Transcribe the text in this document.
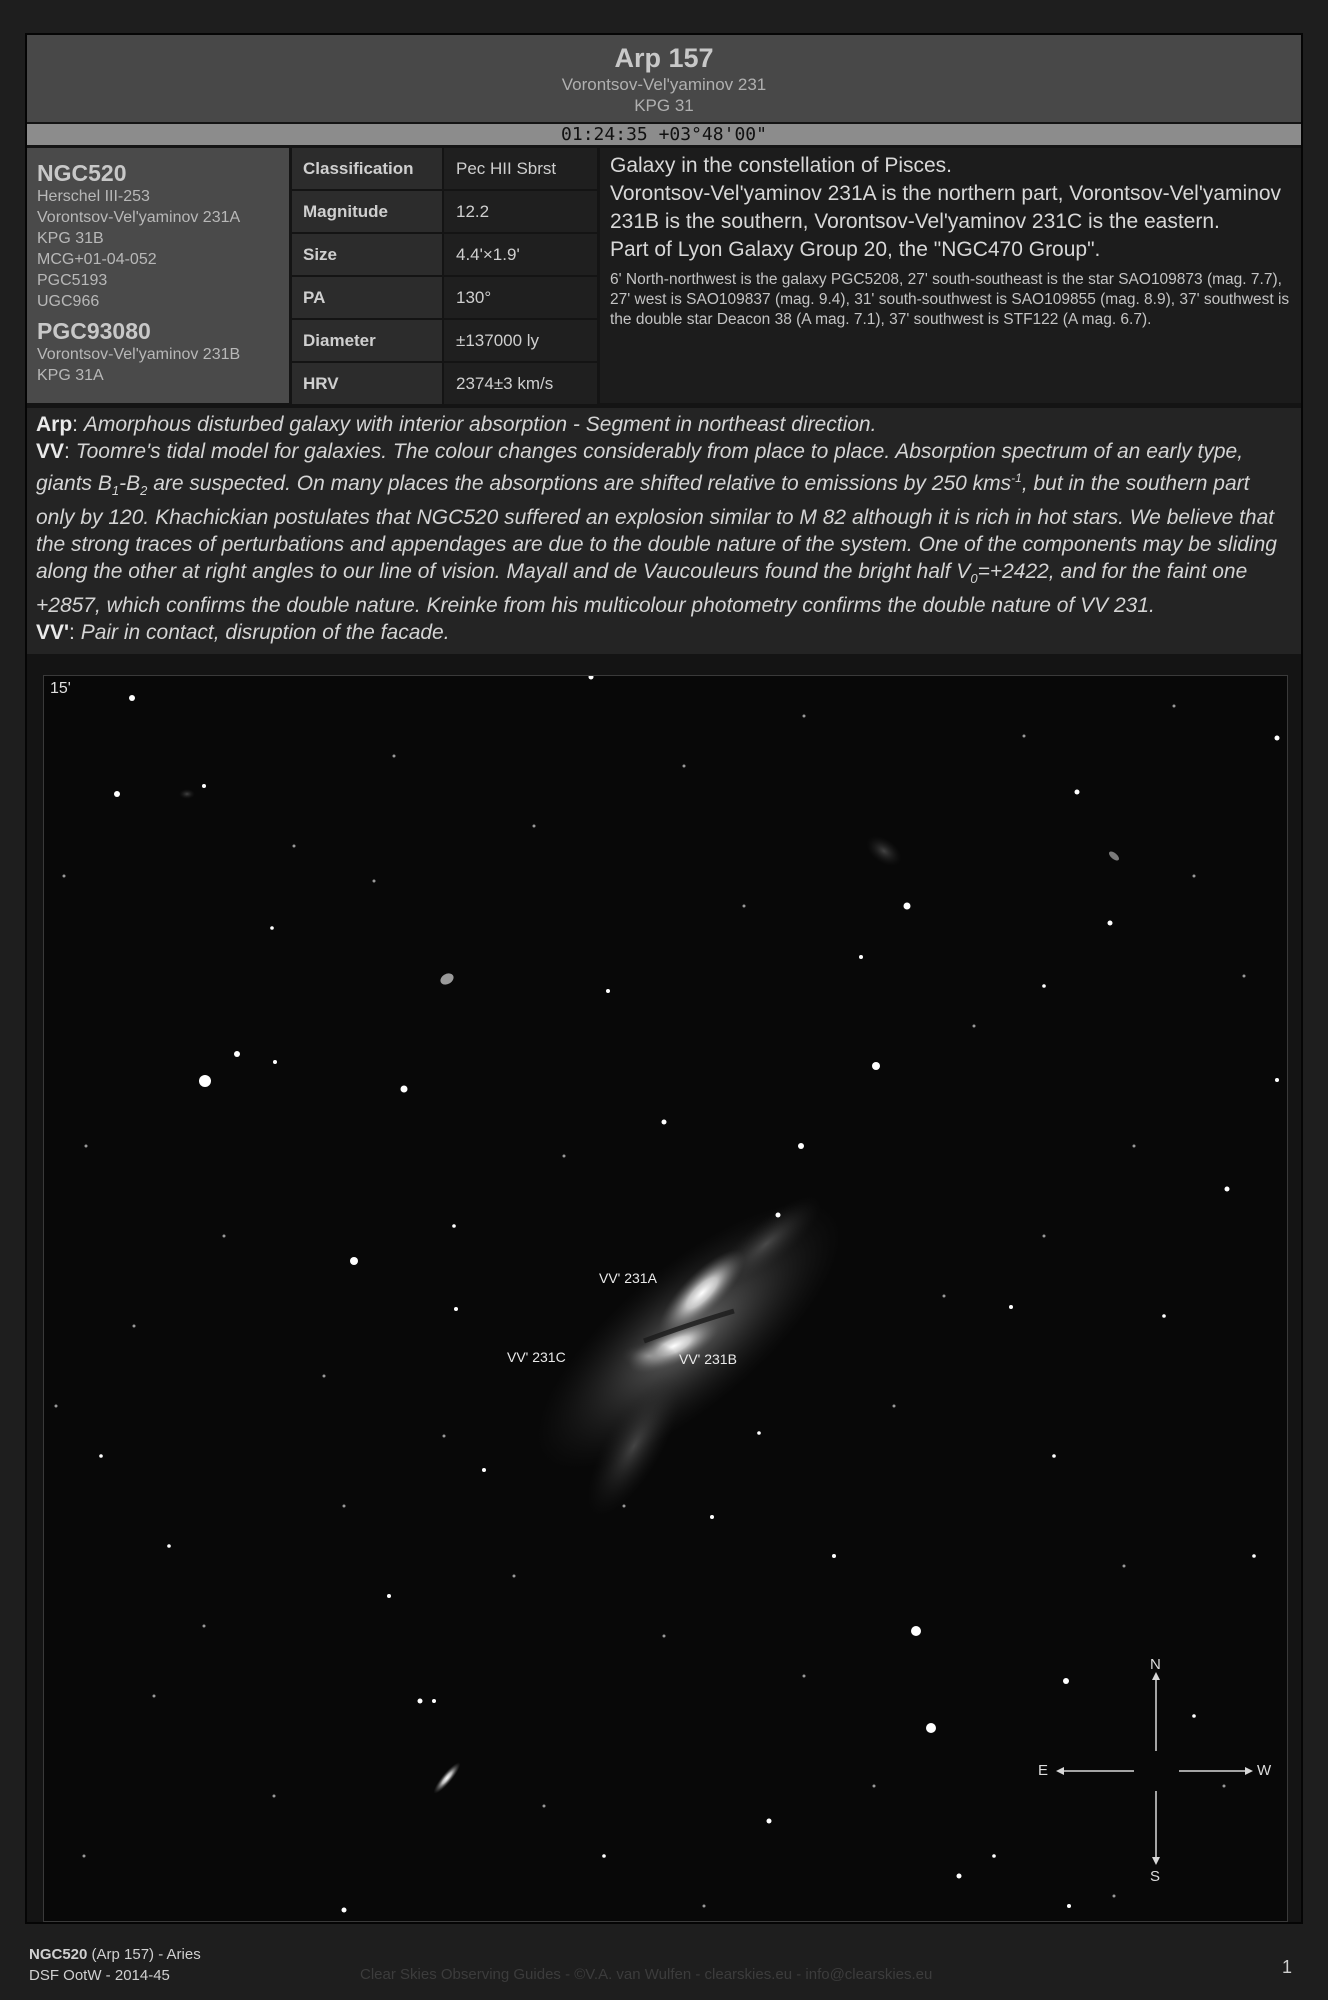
Arp 157
Vorontsov-Vel'yaminov 231
KPG 31
01:24:35 +03°48'00"
NGC520
Herschel III-253
Vorontsov-Vel'yaminov 231A
KPG 31B
MCG+01-04-052
PGC5193
UGC966
PGC93080
Vorontsov-Vel'yaminov 231B
KPG 31A
Classification	Pec HII Sbrst
Magnitude	12.2
Size	4.4'×1.9'
PA	130°
Diameter	±137000 ly
HRV	2374±3 km/s
Galaxy in the constellation of Pisces.
Vorontsov-Vel'yaminov 231A is the northern part, Vorontsov-Vel'yaminov 231B is the southern, Vorontsov-Vel'yaminov 231C is the eastern.
Part of Lyon Galaxy Group 20, the "NGC470 Group".
6' North-northwest is the galaxy PGC5208, 27' south-southeast is the star SAO109873 (mag. 7.7), 27' west is SAO109837 (mag. 9.4), 31' south-southwest is SAO109855 (mag. 8.9), 37' southwest is the double star Deacon 38 (A mag. 7.1), 37' southwest is STF122 (A mag. 6.7).
Arp: Amorphous disturbed galaxy with interior absorption - Segment in northeast direction.
VV: Toomre's tidal model for galaxies. The colour changes considerably from place to place. Absorption spectrum of an early type, giants $B_1-B_2$ are suspected. On many places the absorptions are shifted relative to emissions by 250 kms$^{-1}$, but in the southern part only by 120. Khachickian postulates that NGC520 suffered an explosion similar to M 82 although it is rich in hot stars. We believe that the strong traces of perturbations and appendages are due to the double nature of the system. One of the components may be sliding along the other at right angles to our line of vision. Mayall and de Vaucouleurs found the bright half $V_0=+2422$, and for the faint one +2857, which confirms the double nature. Kreinke from his multicolour photometry confirms the double nature of VV 231.
VV': Pair in contact, disruption of the facade.
15'
VV' 231A
VV' 231B
VV' 231C
N
S
E	W
NGC520 (Arp 157) - Aries
DSF OotW - 2014-45	Clear Skies Observing Guides - ©V.A. van Wulfen - clearskies.eu - info@clearskies.eu	1
